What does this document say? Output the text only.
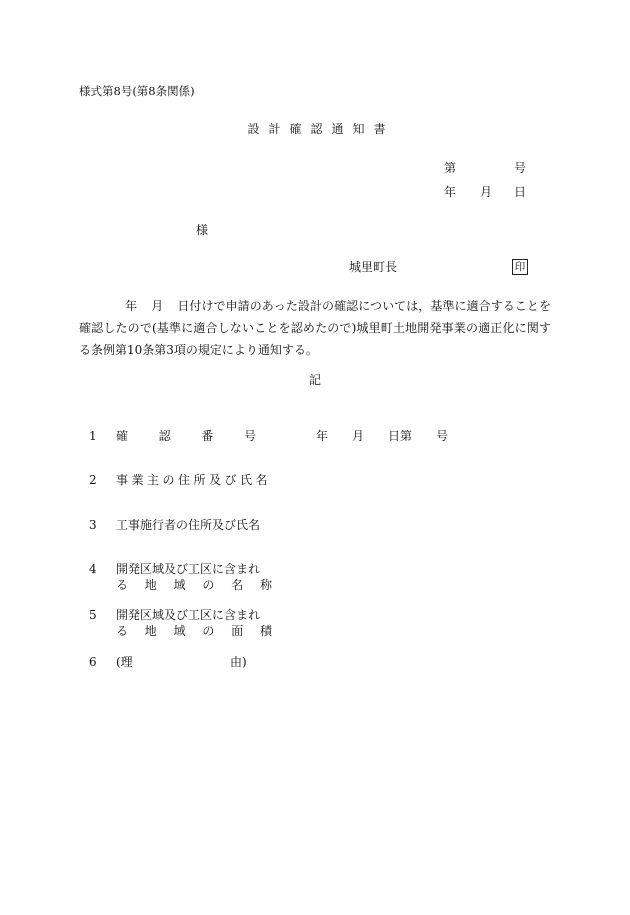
様式第8号(第8条関係)
設計確認通知書
第	号
年 月 日
様
城里町長	印
年 月 日付けで申請のあった設計の確認については，基準に適合することを確認したので(基準に適合しないことを認めたので)城里町土地開発事業の適正化に関する条例第10条第3項の規定により通知する。
記
1 確	認	番	号	年　　月　　日第　　号
2 事業主の住所及び氏名
3 工事施行者の住所及び氏名
4 開発区域及び工区に含まれ
る 地 域 の 名 称
5 開発区域及び工区に含まれ
る 地 域 の 面 積
6 (理	由)
